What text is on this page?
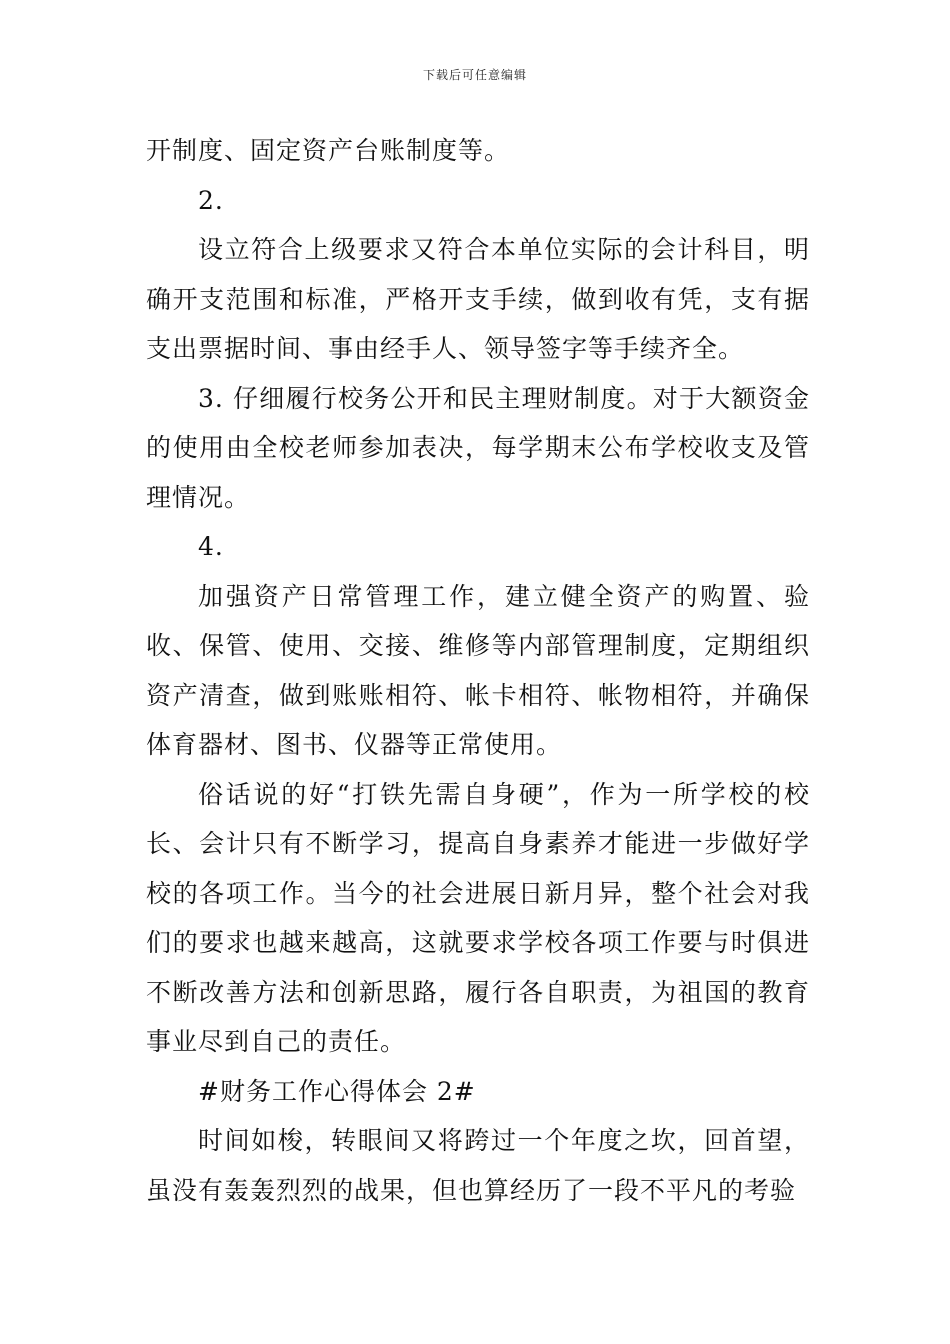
下载后可任意编辑

开制度、固定资产台账制度等。

2.

设立符合上级要求又符合本单位实际的会计科目，明确开支范围和标准，严格开支手续，做到收有凭，支有据支出票据时间、事由经手人、领导签字等手续齐全。

3. 仔细履行校务公开和民主理财制度。对于大额资金的使用由全校老师参加表决，每学期末公布学校收支及管理情况。

4.

加强资产日常管理工作，建立健全资产的购置、验收、保管、使用、交接、维修等内部管理制度，定期组织资产清查，做到账账相符、帐卡相符、帐物相符，并确保体育器材、图书、仪器等正常使用。

俗话说的好“打铁先需自身硬”，作为一所学校的校长、会计只有不断学习，提高自身素养才能进一步做好学校的各项工作。当今的社会进展日新月异，整个社会对我们的要求也越来越高，这就要求学校各项工作要与时俱进不断改善方法和创新思路，履行各自职责，为祖国的教育事业尽到自己的责任。

#财务工作心得体会 2#

时间如梭，转眼间又将跨过一个年度之坎，回首望，虽没有轰轰烈烈的战果，但也算经历了一段不平凡的考验
